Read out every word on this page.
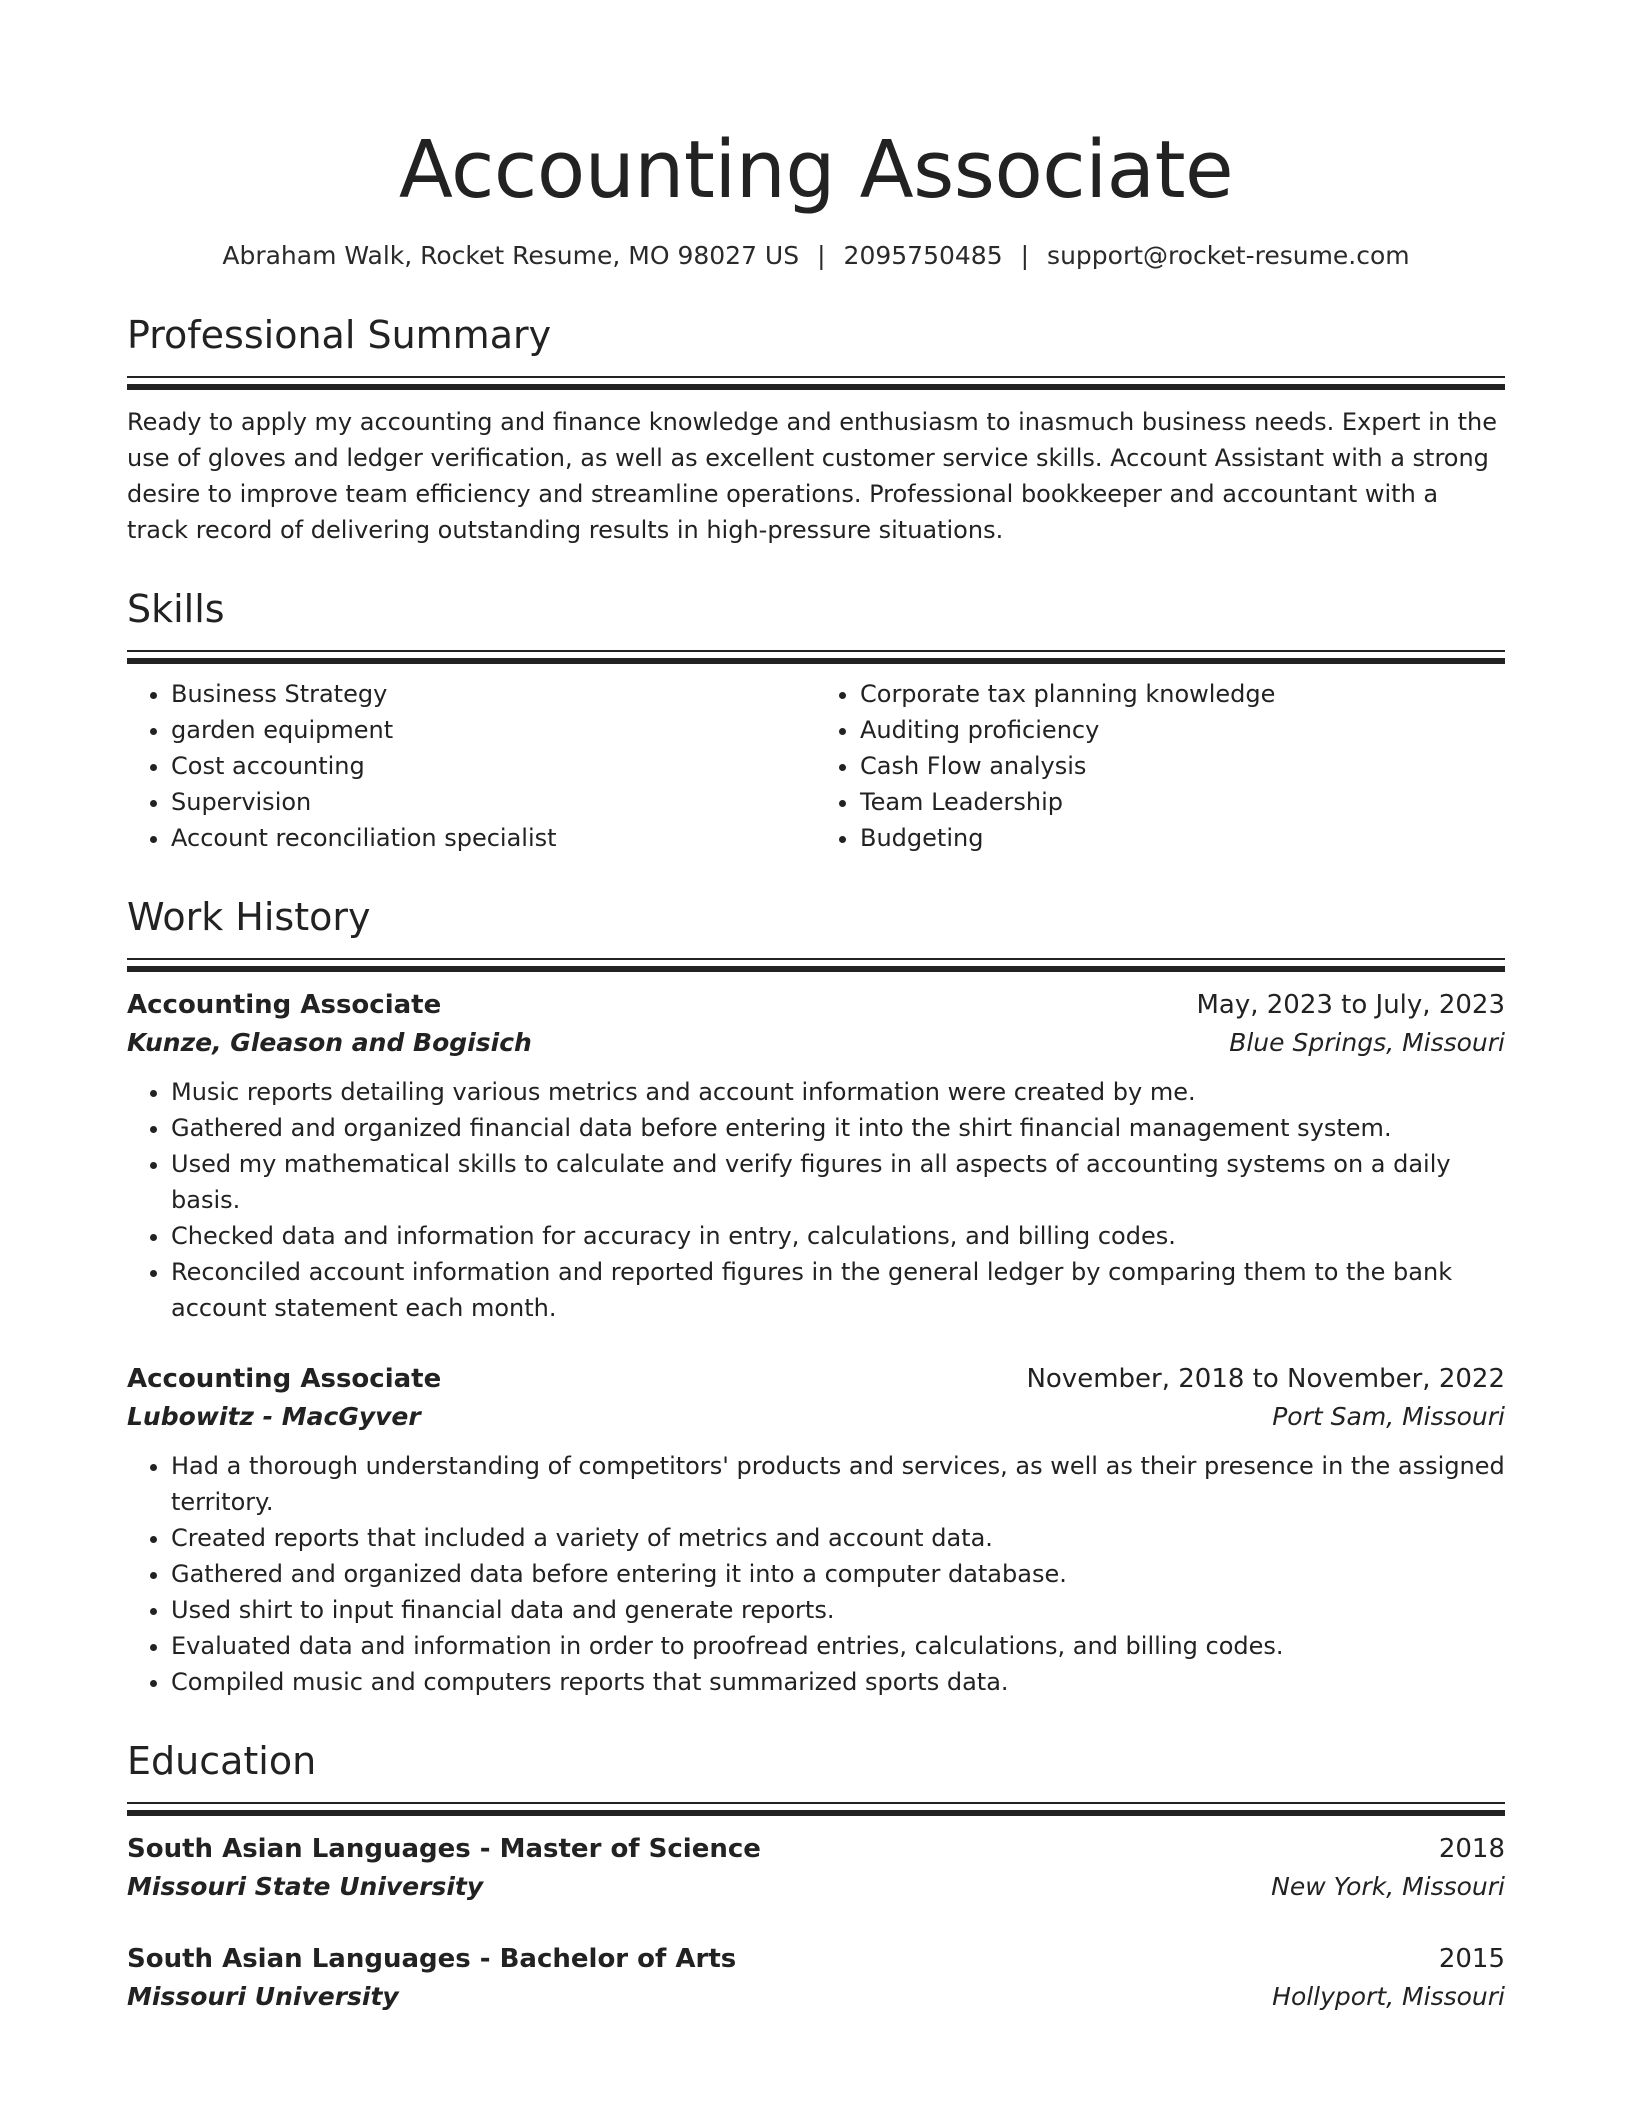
Accounting Associate
Abraham Walk, Rocket Resume, MO 98027 US | 2095750485 | support@rocket-resume.com
Professional Summary

Ready to apply my accounting and finance knowledge and enthusiasm to inasmuch business needs. Expert in the use of gloves and ledger verification, as well as excellent customer service skills. Account Assistant with a strong desire to improve team efficiency and streamline operations. Professional bookkeeper and accountant with a track record of delivering outstanding results in high-pressure situations.

Skills
• Business Strategy
• garden equipment
• Cost accounting
• Supervision
• Account reconciliation specialist
• Corporate tax planning knowledge
• Auditing proficiency
• Cash Flow analysis
• Team Leadership
• Budgeting
Work History
Accounting Associate	May, 2023 to July, 2023
Kunze, Gleason and Bogisich	Blue Springs, Missouri
• Music reports detailing various metrics and account information were created by me.
• Gathered and organized financial data before entering it into the shirt financial management system.
• Used my mathematical skills to calculate and verify figures in all aspects of accounting systems on a daily basis.
• Checked data and information for accuracy in entry, calculations, and billing codes.
• Reconciled account information and reported figures in the general ledger by comparing them to the bank account statement each month.
Accounting Associate	November, 2018 to November, 2022
Lubowitz - MacGyver	Port Sam, Missouri
• Had a thorough understanding of competitors' products and services, as well as their presence in the assigned territory.
• Created reports that included a variety of metrics and account data.
• Gathered and organized data before entering it into a computer database.
• Used shirt to input financial data and generate reports.
• Evaluated data and information in order to proofread entries, calculations, and billing codes.
• Compiled music and computers reports that summarized sports data.
Education
South Asian Languages - Master of Science	2018
Missouri State University	New York, Missouri
South Asian Languages - Bachelor of Arts	2015
Missouri University	Hollyport, Missouri
